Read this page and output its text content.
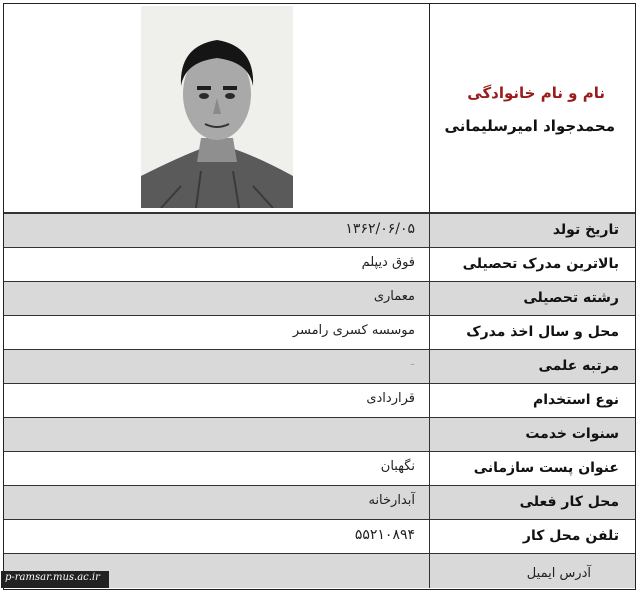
نام و نام خانوادگی
محمدجواد امیرسلیمانی
تاریخ تولد
۱۳۶۲/۰۶/۰۵
بالاترین مدرک تحصیلی
فوق دیپلم
رشته تحصیلی
معماری
محل و سال اخذ مدرک
موسسه کسری رامسر
مرتبه علمی
-
نوع استخدام
قراردادی
سنوات خدمت
عنوان پست سازمانی
نگهبان
محل کار فعلی
آبدارخانه
تلفن محل کار
۵۵۲۱۰۸۹۴
آدرس ایمیل
p-ramsar.mus.ac.ir
